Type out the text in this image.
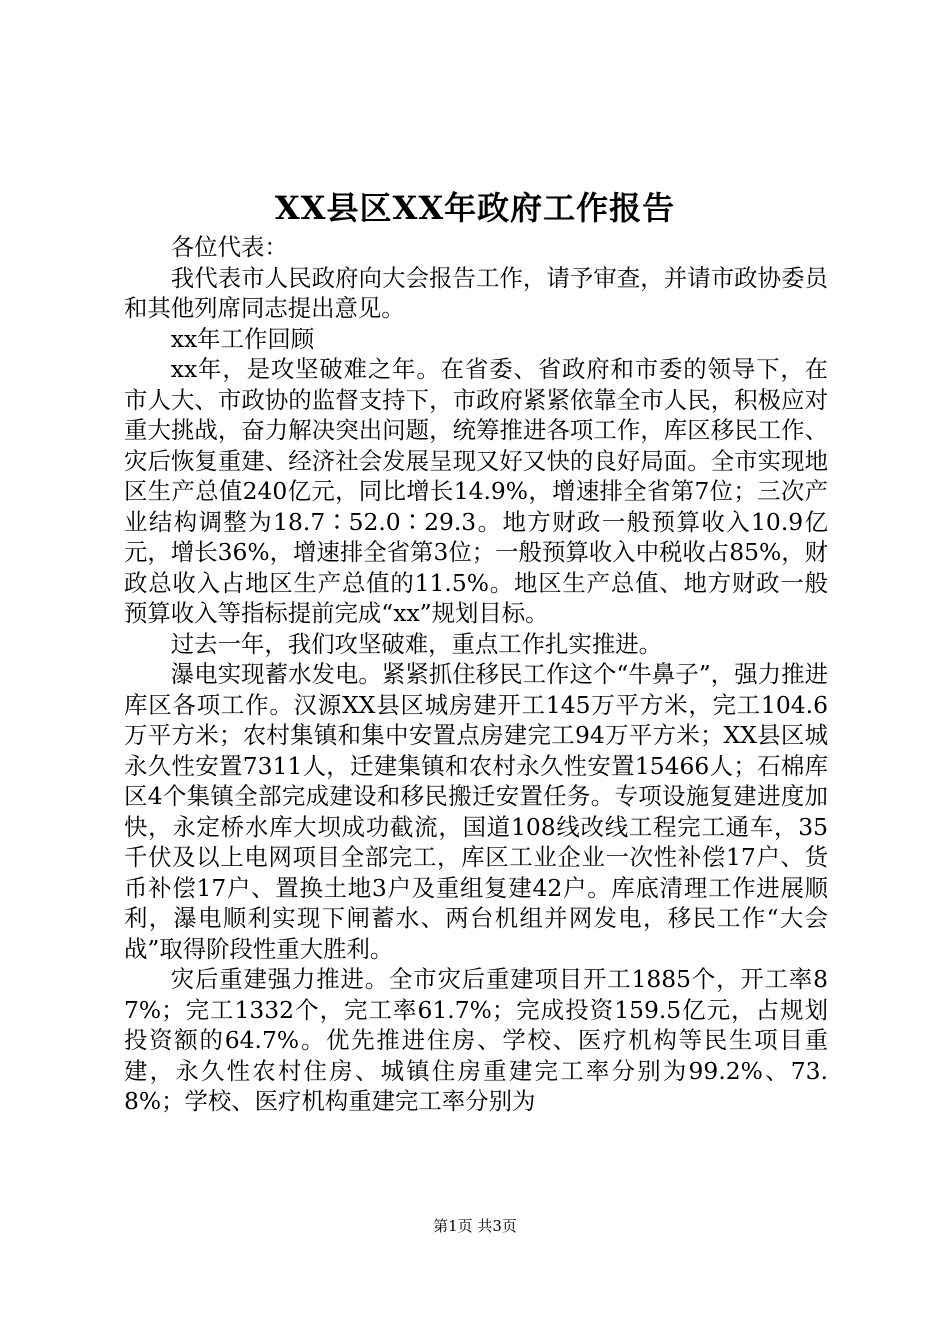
XX县区XX年政府工作报告

各位代表：

我代表市人民政府向大会报告工作，请予审查，并请市政协委员和其他列席同志提出意见。

xx年工作回顾

xx年，是攻坚破难之年。在省委、省政府和市委的领导下，在市人大、市政协的监督支持下，市政府紧紧依靠全市人民，积极应对重大挑战，奋力解决突出问题，统筹推进各项工作，库区移民工作、灾后恢复重建、经济社会发展呈现又好又快的良好局面。全市实现地区生产总值240亿元，同比增长14.9%，增速排全省第7位；三次产业结构调整为18.7∶52.0∶29.3。地方财政一般预算收入10.9亿元，增长36%，增速排全省第3位；一般预算收入中税收占85%，财政总收入占地区生产总值的11.5%。地区生产总值、地方财政一般预算收入等指标提前完成“xx”规划目标。

过去一年，我们攻坚破难，重点工作扎实推进。

瀑电实现蓄水发电。紧紧抓住移民工作这个“牛鼻子”，强力推进库区各项工作。汉源XX县区城房建开工145万平方米，完工104.6万平方米；农村集镇和集中安置点房建完工94万平方米；XX县区城永久性安置7311人，迁建集镇和农村永久性安置15466人；石棉库区4个集镇全部完成建设和移民搬迁安置任务。专项设施复建进度加快，永定桥水库大坝成功截流，国道108线改线工程完工通车，35千伏及以上电网项目全部完工，库区工业企业一次性补偿17户、货币补偿17户、置换土地3户及重组复建42户。库底清理工作进展顺利，瀑电顺利实现下闸蓄水、两台机组并网发电，移民工作“大会战”取得阶段性重大胜利。

灾后重建强力推进。全市灾后重建项目开工1885个，开工率87%；完工1332个，完工率61.7%；完成投资159.5亿元，占规划投资额的64.7%。优先推进住房、学校、医疗机构等民生项目重建，永久性农村住房、城镇住房重建完工率分别为99.2%、73.8%；学校、医疗机构重建完工率分别为

第1页 共3页
